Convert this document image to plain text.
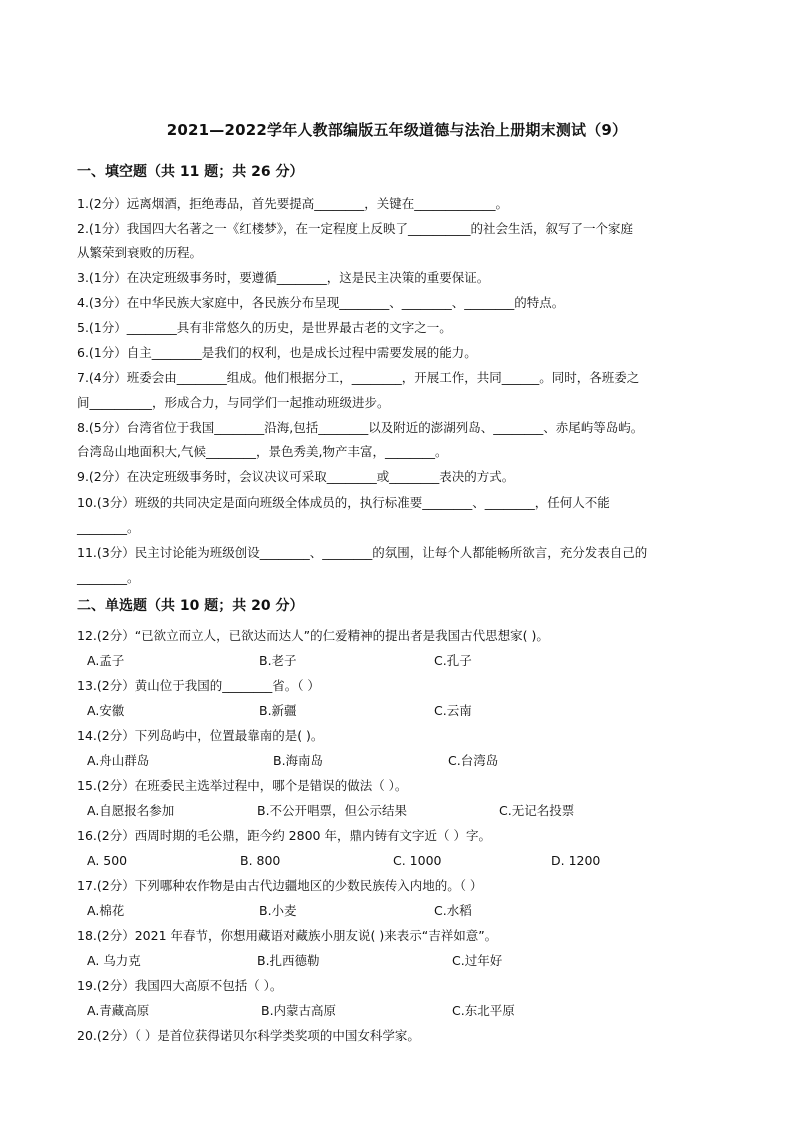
2021—2022学年人教部编版五年级道德与法治上册期末测试（9）
一、填空题（共 11 题；共 26 分）
1.(2分）远离烟酒，拒绝毒品，首先要提高________，关键在_____________。
2.(1分）我国四大名著之一《红楼梦》，在一定程度上反映了__________的社会生活，叙写了一个家庭
从繁荣到衰败的历程。
3.(1分）在决定班级事务时，要遵循________，这是民主决策的重要保证。
4.(3分）在中华民族大家庭中，各民族分布呈现________、________、________的特点。
5.(1分）________具有非常悠久的历史，是世界最古老的文字之一。
6.(1分）自主________是我们的权利，也是成长过程中需要发展的能力。
7.(4分）班委会由________组成。他们根据分工，________，开展工作，共同______。同时，各班委之
间__________，形成合力，与同学们一起推动班级进步。
8.(5分）台湾省位于我国________沿海,包括________以及附近的澎湖列岛、________、赤尾屿等岛屿。
台湾岛山地面积大,气候________，景色秀美,物产丰富，________。
9.(2分）在决定班级事务时，会议决议可采取________或________表决的方式。
10.(3分）班级的共同决定是面向班级全体成员的，执行标准要________、________，任何人不能
________。
11.(3分）民主讨论能为班级创设________、________的氛围，让每个人都能畅所欲言，充分发表自己的
________。
二、单选题（共 10 题；共 20 分）
12.(2分）“已欲立而立人，已欲达而达人”的仁爱精神的提出者是我国古代思想家( )。
A.孟子	B.老子	C.孔子
13.(2分）黄山位于我国的________省。（ ）
A.安徽	B.新疆	C.云南
14.(2分）下列岛屿中，位置最靠南的是( )。
A.舟山群岛	B.海南岛	C.台湾岛
15.(2分）在班委民主选举过程中，哪个是错误的做法（ ）。
A.自愿报名参加	B.不公开唱票，但公示结果	C.无记名投票
16.(2分）西周时期的毛公鼎，距今约 2800 年，鼎内铸有文字近（ ）字。
A. 500	B. 800	C. 1000	D. 1200
17.(2分）下列哪种农作物是由古代边疆地区的少数民族传入内地的。（ ）
A.棉花	B.小麦	C.水稻
18.(2分）2021 年春节，你想用藏语对藏族小朋友说( )来表示“吉祥如意”。
A. 乌力克	B.扎西德勒	C.过年好
19.(2分）我国四大高原不包括（ ）。
A.青藏高原	B.内蒙古高原	C.东北平原
20.(2分）（ ）是首位获得诺贝尔科学类奖项的中国女科学家。
